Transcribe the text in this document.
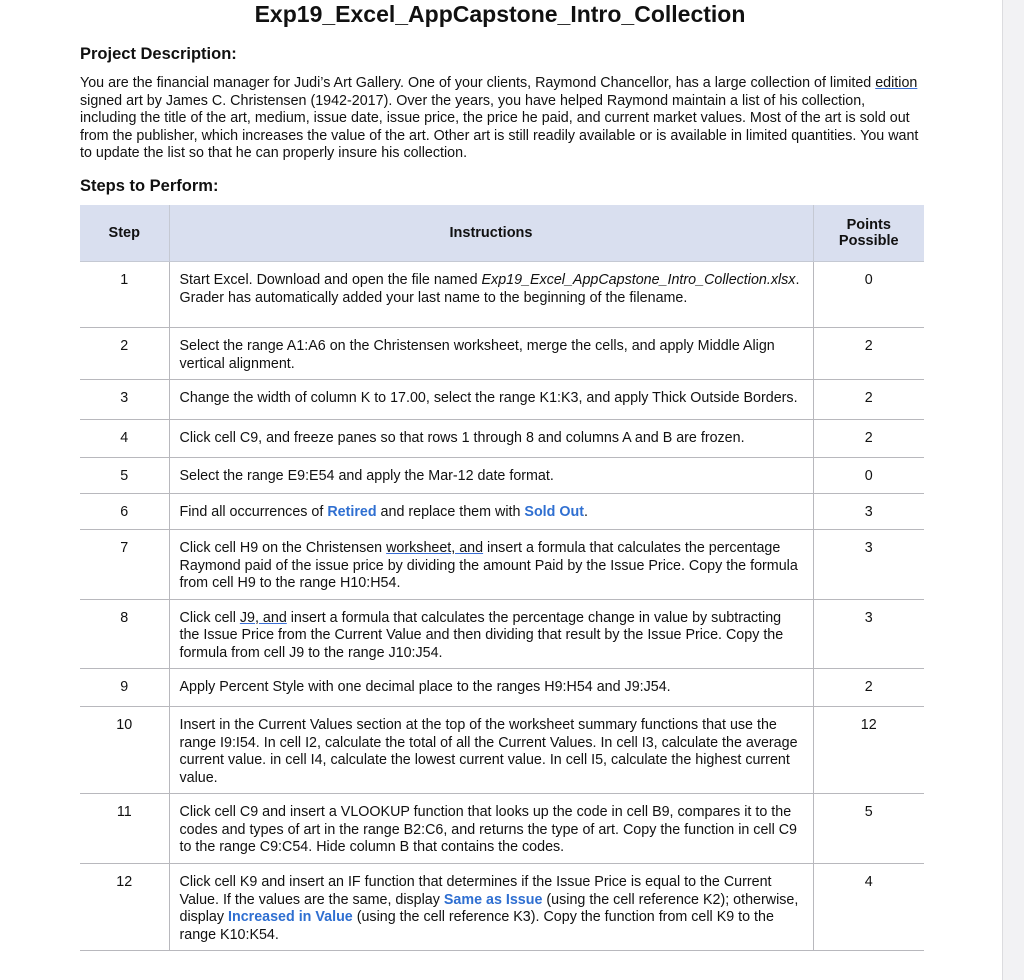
Exp19_Excel_AppCapstone_Intro_Collection
Project Description:
You are the financial manager for Judi’s Art Gallery. One of your clients, Raymond Chancellor, has a large collection of limited edition signed art by James C. Christensen (1942-2017). Over the years, you have helped Raymond maintain a list of his collection, including the title of the art, medium, issue date, issue price, the price he paid, and current market values. Most of the art is sold out from the publisher, which increases the value of the art. Other art is still readily available or is available in limited quantities. You want to update the list so that he can properly insure his collection.
Steps to Perform:
Step	Instructions	Points
Possible
1	Start Excel. Download and open the file named Exp19_Excel_AppCapstone_Intro_Collection.xlsx. Grader has automatically added your last name to the beginning of the filename.	0
2	Select the range A1:A6 on the Christensen worksheet, merge the cells, and apply Middle Align vertical alignment.	2
3	Change the width of column K to 17.00, select the range K1:K3, and apply Thick Outside Borders.	2
4	Click cell C9, and freeze panes so that rows 1 through 8 and columns A and B are frozen.	2
5	Select the range E9:E54 and apply the Mar-12 date format.	0
6	Find all occurrences of Retired and replace them with Sold Out.	3
7	Click cell H9 on the Christensen worksheet, and insert a formula that calculates the percentage Raymond paid of the issue price by dividing the amount Paid by the Issue Price. Copy the formula from cell H9 to the range H10:H54.	3
8	Click cell J9, and insert a formula that calculates the percentage change in value by subtracting the Issue Price from the Current Value and then dividing that result by the Issue Price. Copy the formula from cell J9 to the range J10:J54.	3
9	Apply Percent Style with one decimal place to the ranges H9:H54 and J9:J54.	2
10	Insert in the Current Values section at the top of the worksheet summary functions that use the range I9:I54. In cell I2, calculate the total of all the Current Values. In cell I3, calculate the average current value. in cell I4, calculate the lowest current value. In cell I5, calculate the highest current value.	12
11	Click cell C9 and insert a VLOOKUP function that looks up the code in cell B9, compares it to the codes and types of art in the range B2:C6, and returns the type of art. Copy the function in cell C9 to the range C9:C54. Hide column B that contains the codes.	5
12	Click cell K9 and insert an IF function that determines if the Issue Price is equal to the Current Value. If the values are the same, display Same as Issue (using the cell reference K2); otherwise, display Increased in Value (using the cell reference K3). Copy the function from cell K9 to the range K10:K54.	4
